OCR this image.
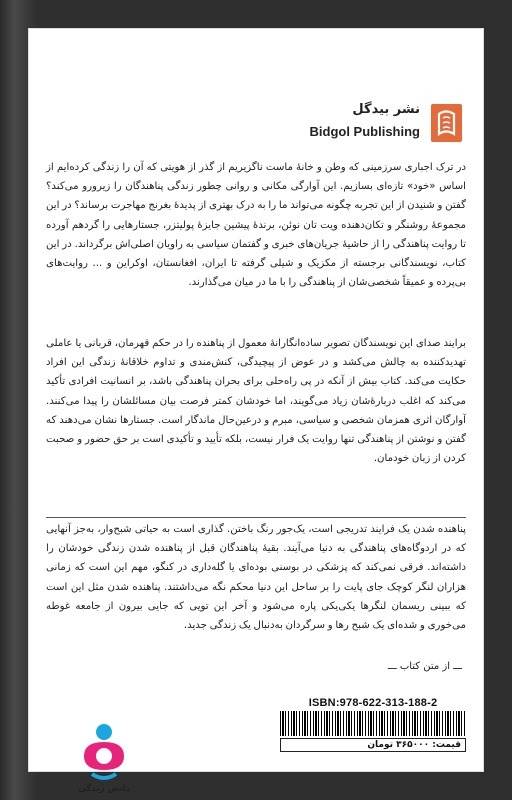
نشر بیدگل
Bidgol Publishing
در ترک اجباری سرزمینی که وطن و خانهٔ ماست ناگزیریم از گذر از هویتی که آن را زندگی کرده‌ایم از اساس «خود» تازه‌ای بسازیم. این آوارگی مکانی و روانی چطور زندگی پناهندگان را زیرورو می‌کند؟ گفتن و شنیدن از این تجربه چگونه می‌تواند ما را به درک بهتری از پدیدهٔ بغرنج مهاجرت برساند؟ در این مجموعهٔ روشنگر و تکان‌دهنده ویت تان نوئن، برندهٔ پیشین جایزهٔ پولیتزر، جستارهایی را گردهم آورده تا روایت پناهندگی را از حاشیهٔ جریان‌های خبری و گفتمان سیاسی به راویان اصلی‌اش برگرداند. در این کتاب، نویسندگانی برجسته از مکزیک و شیلی گرفته تا ایران، افغانستان، اوکراین و ... روایت‌های بی‌پرده و عمیقاً شخصی‌شان از پناهندگی را با ما در میان می‌گذارند.
برایند صدای این نویسندگان تصویر ساده‌انگارانهٔ معمول از پناهنده را در حکم قهرمان، قربانی یا عاملی تهدیدکننده به چالش می‌کشد و در عوض از پیچیدگی، کنش‌مندی و تداوم خلاقانهٔ زندگی این افراد حکایت می‌کند. کتاب بیش از آنکه در پی راه‌حلی برای بحران پناهندگی باشد، بر انسانیت افرادی تأکید می‌کند که اغلب دربارهٔ‌شان زیاد می‌گویند، اما خودشان کمتر فرصت بیان مسائلشان را پیدا می‌کنند. آوارگان اثری همزمان شخصی و سیاسی، مبرم و درعین‌حال ماندگار است. جستارها نشان می‌دهند که گفتن و نوشتن از پناهندگی تنها روایت یک فرار نیست، بلکه تأیید و تأکیدی است بر حق حضور و صحبت کردن از زبان خودمان.
پناهنده شدن یک فرایند تدریجی است، یک‌جور رنگ باختن. گذاری است به حیاتی شبح‌وار، به‌جز آنهایی که در اردوگاه‌های پناهندگی به دنیا می‌آیند. بقیهٔ پناهندگان قبل از پناهنده شدن زندگی خودشان را داشته‌اند. فرقی نمی‌کند که پزشکی در بوسنی بوده‌ای یا گله‌داری در کنگو، مهم این است که زمانی هزاران لنگر کوچک جای پایت را بر ساحل این دنیا محکم نگه می‌داشتند. پناهنده شدن مثل این است که ببینی ریسمان لنگرها یکی‌یکی پاره می‌شود و آخر این تویی که جایی بیرون از جامعه غوطه می‌خوری و شده‌ای یک شبح رها و سرگردان به‌دنبال یک زندگی جدید.
ـــ از متن کتاب ـــ
دانش زندگی
ISBN:978-622-313-188-2
قیمت: ۳۶۵۰۰۰ تومان
